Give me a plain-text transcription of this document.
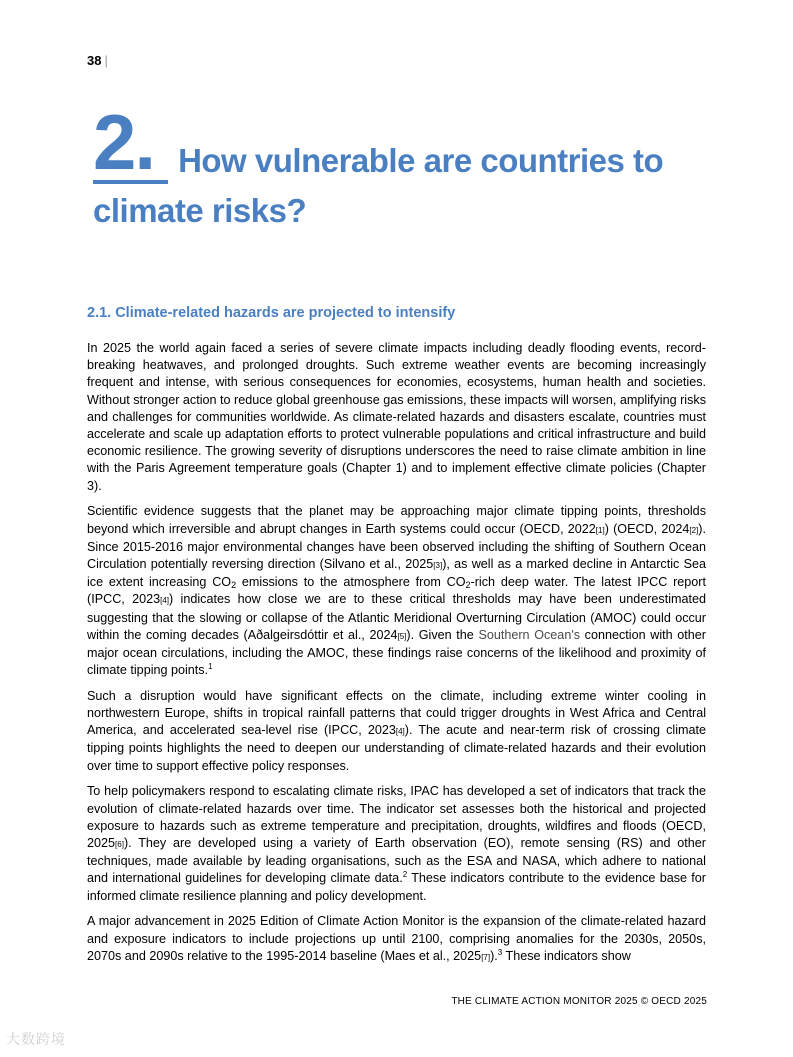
38 |
2. How vulnerable are countries to
climate risks?
2.1. Climate-related hazards are projected to intensify

In 2025 the world again faced a series of severe climate impacts including deadly flooding events, record-breaking heatwaves, and prolonged droughts. Such extreme weather events are becoming increasingly frequent and intense, with serious consequences for economies, ecosystems, human health and societies. Without stronger action to reduce global greenhouse gas emissions, these impacts will worsen, amplifying risks and challenges for communities worldwide. As climate-related hazards and disasters escalate, countries must accelerate and scale up adaptation efforts to protect vulnerable populations and critical infrastructure and build economic resilience. The growing severity of disruptions underscores the need to raise climate ambition in line with the Paris Agreement temperature goals (Chapter 1) and to implement effective climate policies (Chapter 3).

Scientific evidence suggests that the planet may be approaching major climate tipping points, thresholds beyond which irreversible and abrupt changes in Earth systems could occur (OECD, 2022[1]) (OECD, 2024[2]). Since 2015-2016 major environmental changes have been observed including the shifting of Southern Ocean Circulation potentially reversing direction (Silvano et al., 2025[3]), as well as a marked decline in Antarctic Sea ice extent increasing CO2 emissions to the atmosphere from CO2-rich deep water. The latest IPCC report (IPCC, 2023[4]) indicates how close we are to these critical thresholds may have been underestimated suggesting that the slowing or collapse of the Atlantic Meridional Overturning Circulation (AMOC) could occur within the coming decades (Aðalgeirsdóttir et al., 2024[5]). Given the Southern Ocean's connection with other major ocean circulations, including the AMOC, these findings raise concerns of the likelihood and proximity of climate tipping points.$^1$

Such a disruption would have significant effects on the climate, including extreme winter cooling in northwestern Europe, shifts in tropical rainfall patterns that could trigger droughts in West Africa and Central America, and accelerated sea-level rise (IPCC, 2023[4]). The acute and near-term risk of crossing climate tipping points highlights the need to deepen our understanding of climate-related hazards and their evolution over time to support effective policy responses.

To help policymakers respond to escalating climate risks, IPAC has developed a set of indicators that track the evolution of climate-related hazards over time. The indicator set assesses both the historical and projected exposure to hazards such as extreme temperature and precipitation, droughts, wildfires and floods (OECD, 2025[6]). They are developed using a variety of Earth observation (EO), remote sensing (RS) and other techniques, made available by leading organisations, such as the ESA and NASA, which adhere to national and international guidelines for developing climate data.$^2$ These indicators contribute to the evidence base for informed climate resilience planning and policy development.

A major advancement in 2025 Edition of Climate Action Monitor is the expansion of the climate-related hazard and exposure indicators to include projections up until 2100, comprising anomalies for the 2030s, 2050s, 2070s and 2090s relative to the 1995-2014 baseline (Maes et al., 2025[7]).$^3$ These indicators show

THE CLIMATE ACTION MONITOR 2025 © OECD 2025
大数跨境
